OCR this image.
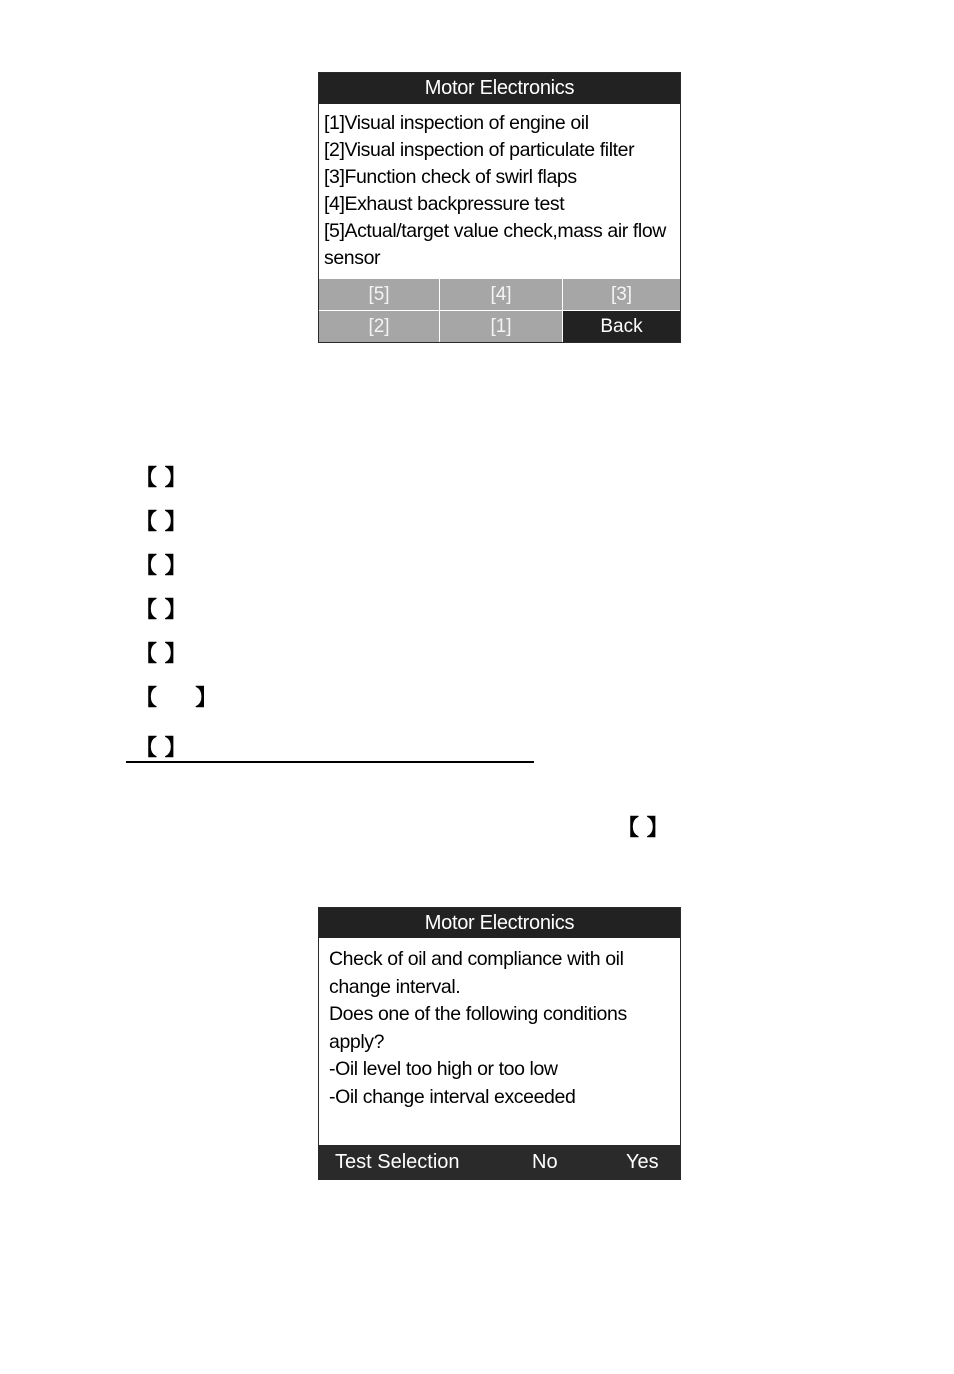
Motor Electronics
[1]Visual inspection of engine oil
[2]Visual inspection of particulate filter
[3]Function check of swirl flaps
[4]Exhaust backpressure test
[5]Actual/target value check,mass air flow sensor
[5]	[4]	[3]
[2]	[1]	Back
【 】
【 】
【 】
【 】
【 】
【     】
【 】
【 】
Motor Electronics
Check of oil and compliance with oil change interval.
Does one of the following conditions apply?
-Oil level too high or too low
-Oil change interval exceeded
Test Selection	No	Yes
